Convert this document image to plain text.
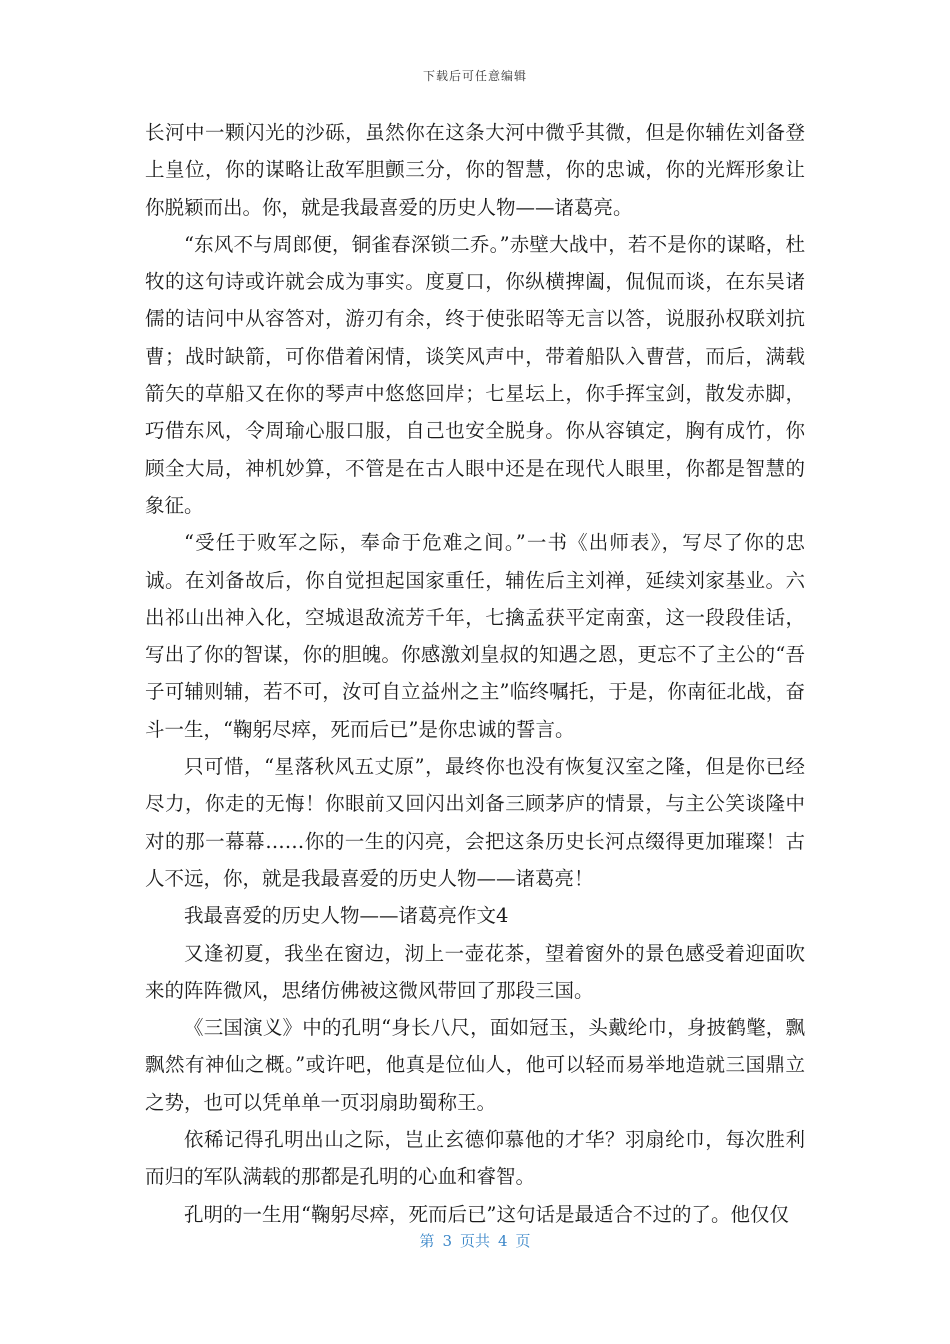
下载后可任意编辑

长河中一颗闪光的沙砾，虽然你在这条大河中微乎其微，但是你辅佐刘备登上皇位，你的谋略让敌军胆颤三分，你的智慧，你的忠诚，你的光辉形象让你脱颖而出。你，就是我最喜爱的历史人物——诸葛亮。

“东风不与周郎便，铜雀春深锁二乔。”赤壁大战中，若不是你的谋略，杜牧的这句诗或许就会成为事实。度夏口，你纵横捭阖，侃侃而谈，在东吴诸儒的诘问中从容答对，游刃有余，终于使张昭等无言以答，说服孙权联刘抗曹；战时缺箭，可你借着闲情，谈笑风声中，带着船队入曹营，而后，满载箭矢的草船又在你的琴声中悠悠回岸；七星坛上，你手挥宝剑，散发赤脚，巧借东风，令周瑜心服口服，自己也安全脱身。你从容镇定，胸有成竹，你顾全大局，神机妙算，不管是在古人眼中还是在现代人眼里，你都是智慧的象征。

“受任于败军之际，奉命于危难之间。”一书《出师表》，写尽了你的忠诚。在刘备故后，你自觉担起国家重任，辅佐后主刘禅，延续刘家基业。六出祁山出神入化，空城退敌流芳千年，七擒孟获平定南蛮，这一段段佳话，写出了你的智谋，你的胆魄。你感激刘皇叔的知遇之恩，更忘不了主公的“吾子可辅则辅，若不可，汝可自立益州之主”临终嘱托，于是，你南征北战，奋斗一生，“鞠躬尽瘁，死而后已”是你忠诚的誓言。

只可惜，“星落秋风五丈原”，最终你也没有恢复汉室之隆，但是你已经尽力，你走的无悔！你眼前又回闪出刘备三顾茅庐的情景，与主公笑谈隆中对的那一幕幕……你的一生的闪亮，会把这条历史长河点缀得更加璀璨！古人不远，你，就是我最喜爱的历史人物——诸葛亮！

我最喜爱的历史人物——诸葛亮作文4

又逢初夏，我坐在窗边，沏上一壶花茶，望着窗外的景色感受着迎面吹来的阵阵微风，思绪仿佛被这微风带回了那段三国。

《三国演义》中的孔明“身长八尺，面如冠玉，头戴纶巾，身披鹤氅，飘飘然有神仙之概。”或许吧，他真是位仙人，他可以轻而易举地造就三国鼎立之势，也可以凭单单一页羽扇助蜀称王。

依稀记得孔明出山之际，岂止玄德仰慕他的才华？羽扇纶巾，每次胜利而归的军队满载的那都是孔明的心血和睿智。

孔明的一生用“鞠躬尽瘁，死而后已”这句话是最适合不过的了。他仅仅

第 3 页共 4 页
